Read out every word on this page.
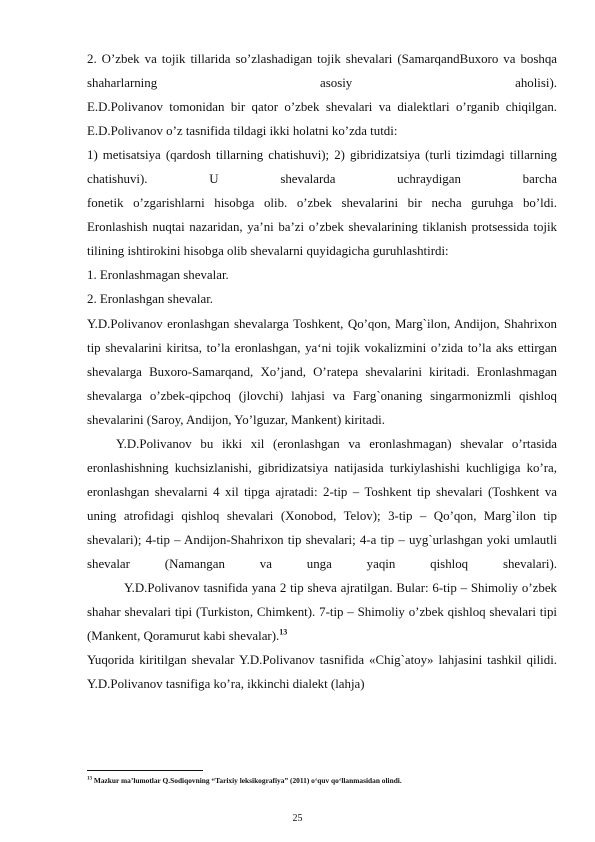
2. O’zbek va tojik tillarida so’zlashadigan tojik shevalari (SamarqandBuxoro va boshqa shaharlarning asosiy aholisi).

E.D.Polivanov tomonidan bir qator o’zbek shevalari va dialektlari o’rganib chiqilgan. E.D.Polivanov o’z tasnifida tildagi ikki holatni ko’zda tutdi:

1) metisatsiya (qardosh tillarning chatishuvi); 2) gibridizatsiya (turli tizimdagi tillarning chatishuvi). U shevalarda uchraydigan barcha

fonetik o’zgarishlarni hisobga olib. o’zbek shevalarini bir necha guruhga bo’ldi. Eronlashish nuqtai nazaridan, ya’ni ba’zi o’zbek shevalarining tiklanish protsessida tojik tilining ishtirokini hisobga olib shevalarni quyidagicha guruhlashtirdi:

1. Eronlashmagan shevalar.

2. Eronlashgan shevalar.

Y.D.Polivanov eronlashgan shevalarga Toshkent, Qo’qon, Marg`ilon, Andijon, Shahrixon tip shevalarini kiritsa, to’la eronlashgan, ya‘ni tojik vokalizmini o’zida to’la aks ettirgan shevalarga Buxoro-Samarqand, Xo’jand, O’ratepa shevalarini kiritadi. Eronlashmagan shevalarga o’zbek-qipchoq (jlovchi) lahjasi va Farg`onaning singarmonizmli qishloq shevalarini (Saroy, Andijon, Yo’lguzar, Mankent) kiritadi.

Y.D.Polivanov bu ikki xil (eronlashgan va eronlashmagan) shevalar o’rtasida eronlashishning kuchsizlanishi, gibridizatsiya natijasida turkiylashishi kuchligiga ko’ra, eronlashgan shevalarni 4 xil tipga ajratadi: 2-tip – Toshkent tip shevalari (Toshkent va uning atrofidagi qishloq shevalari (Xonobod, Telov); 3-tip – Qo’qon, Marg`ilon tip shevalari); 4-tip – Andijon-Shahrixon tip shevalari; 4-a tip – uyg`urlashgan yoki umlautli shevalar (Namangan va unga yaqin qishloq shevalari).

Y.D.Polivanov tasnifida yana 2 tip sheva ajratilgan. Bular: 6-tip – Shimoliy o’zbek shahar shevalari tipi (Turkiston, Chimkent). 7-tip – Shimoliy o’zbek qishloq shevalari tipi (Mankent, Qoramurut kabi shevalar).$^{13}$

Yuqorida kiritilgan shevalar Y.D.Polivanov tasnifida «Chig`atoy» lahjasini tashkil qilidi. Y.D.Polivanov tasnifiga ko’ra, ikkinchi dialekt (lahja)

$^{13}$ Mazkur ma’lumotlar Q.Sodiqovning “Tarixiy leksikografiya” (2011) o‘quv qo‘llanmasidan olindi.
25
